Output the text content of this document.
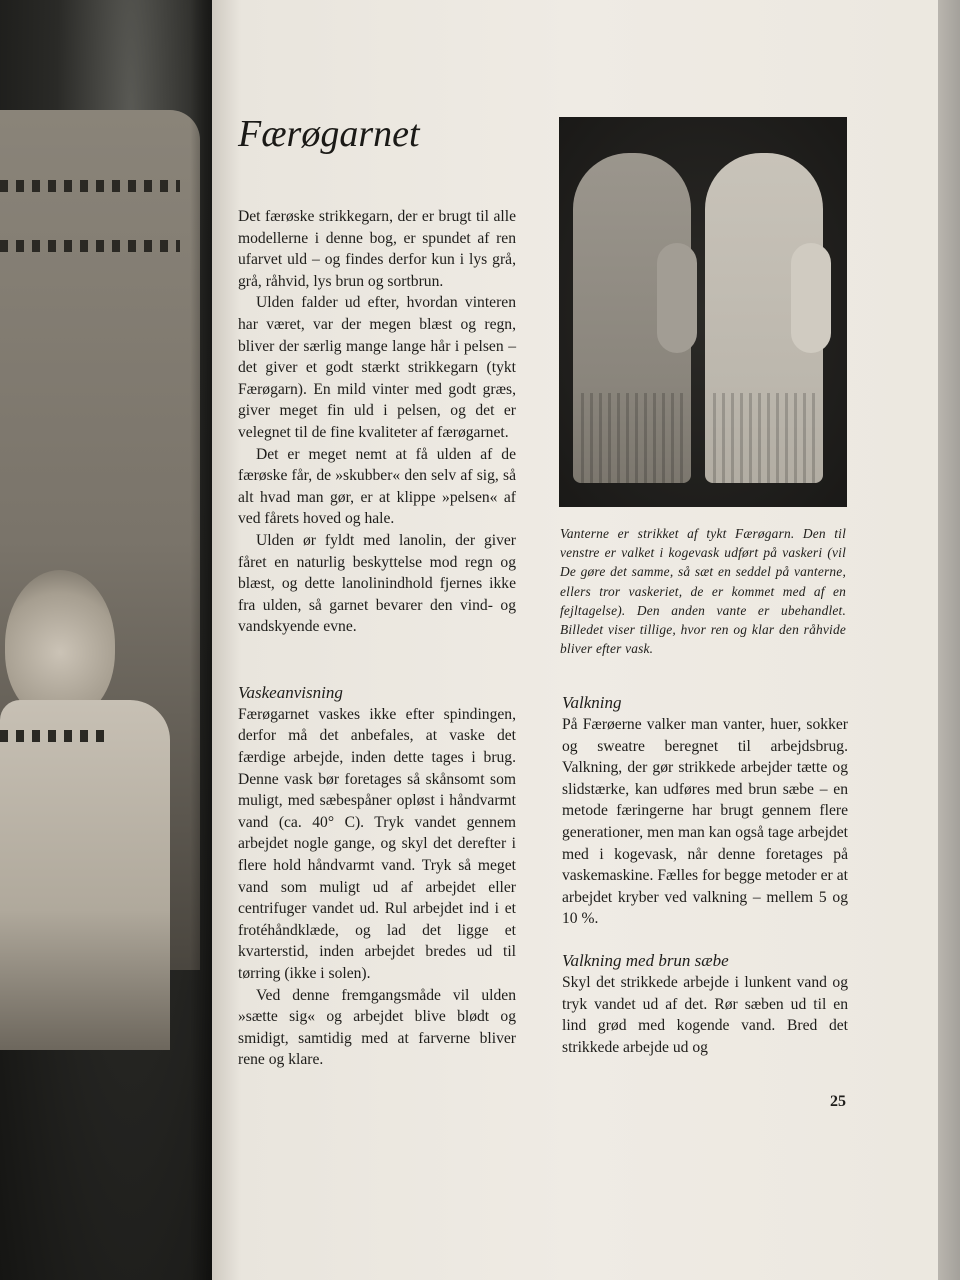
Færøgarnet

Det færøske strikkegarn, der er brugt til alle modellerne i denne bog, er spundet af ren ufarvet uld – og findes derfor kun i lys grå, grå, råhvid, lys brun og sortbrun.

Ulden falder ud efter, hvordan vinteren har været, var der megen blæst og regn, bliver der særlig mange lange hår i pelsen – det giver et godt stærkt strikkegarn (tykt Færøgarn). En mild vinter med godt græs, giver meget fin uld i pelsen, og det er velegnet til de fine kvaliteter af færøgarnet.

Det er meget nemt at få ulden af de færøske får, de »skubber« den selv af sig, så alt hvad man gør, er at klippe »pelsen« af ved fårets hoved og hale.

Ulden ør fyldt med lanolin, der giver fåret en naturlig beskyttelse mod regn og blæst, og dette lanolinindhold fjernes ikke fra ulden, så garnet bevarer den vind- og vandskyende evne.

Vaskeanvisning

Færøgarnet vaskes ikke efter spindingen, derfor må det anbefales, at vaske det færdige arbejde, inden dette tages i brug. Denne vask bør foretages så skånsomt som muligt, med sæbespåner opløst i håndvarmt vand (ca. 40° C). Tryk vandet gennem arbejdet nogle gange, og skyl det derefter i flere hold håndvarmt vand. Tryk så meget vand som muligt ud af arbejdet eller centrifuger vandet ud. Rul arbejdet ind i et frotéhåndklæde, og lad det ligge et kvarterstid, inden arbejdet bredes ud til tørring (ikke i solen).

Ved denne fremgangsmåde vil ulden »sætte sig« og arbejdet blive blødt og smidigt, samtidig med at farverne bliver rene og klare.

Vanterne er strikket af tykt Færøgarn. Den til venstre er valket i kogevask udført på vaskeri (vil De gøre det samme, så sæt en seddel på vanterne, ellers tror vaskeriet, de er kommet med af en fejltagelse). Den anden vante er ubehandlet. Billedet viser tillige, hvor ren og klar den råhvide bliver efter vask.

Valkning

På Færøerne valker man vanter, huer, sokker og sweatre beregnet til arbejdsbrug. Valkning, der gør strikkede arbejder tætte og slidstærke, kan udføres med brun sæbe – en metode færingerne har brugt gennem flere generationer, men man kan også tage arbejdet med i kogevask, når denne foretages på vaskemaskine. Fælles for begge metoder er at arbejdet kryber ved valkning – mellem 5 og 10 %.

Valkning med brun sæbe

Skyl det strikkede arbejde i lunkent vand og tryk vandet ud af det. Rør sæben ud til en lind grød med kogende vand. Bred det strikkede arbejde ud og

25
